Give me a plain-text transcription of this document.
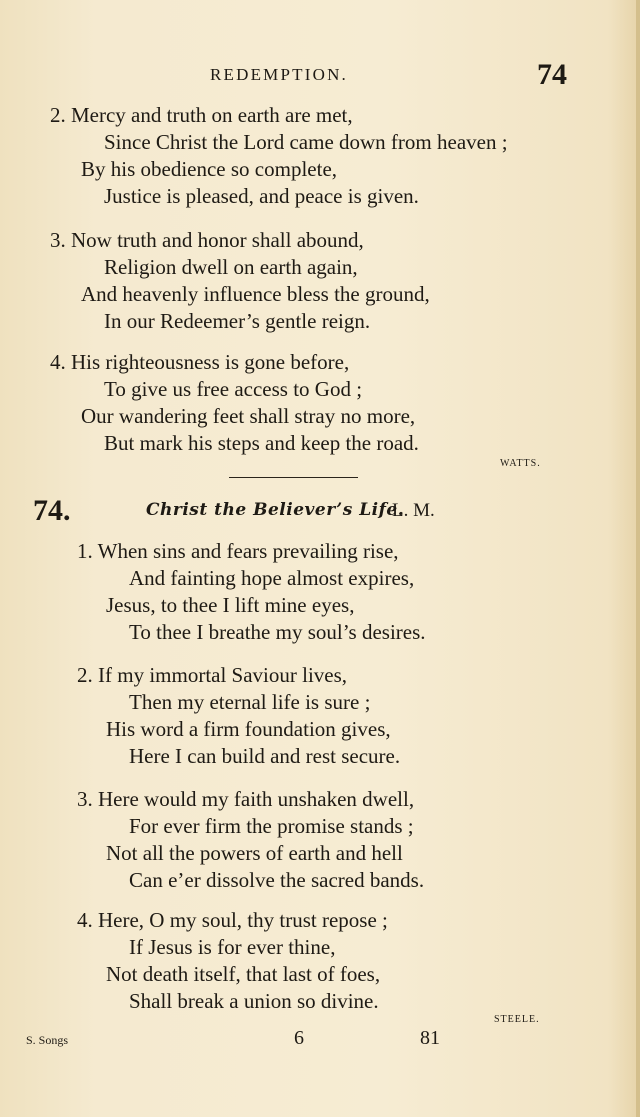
REDEMPTION.	74
2. Mercy and truth on earth are met,
Since Christ the Lord came down from heaven ;
By his obedience so complete,
Justice is pleased, and peace is given.
3. Now truth and honor shall abound,
Religion dwell on earth again,
And heavenly influence bless the ground,
In our Redeemer’s gentle reign.
4. His righteousness is gone before,
To give us free access to God ;
Our wandering feet shall stray no more,
But mark his steps and keep the road.
WATTS.
74.	Christ the Believer’s Life.
L. M.
1. When sins and fears prevailing rise,
And fainting hope almost expires,
Jesus, to thee I lift mine eyes,
To thee I breathe my soul’s desires.
2. If my immortal Saviour lives,
Then my eternal life is sure ;
His word a firm foundation gives,
Here I can build and rest secure.
3. Here would my faith unshaken dwell,
For ever firm the promise stands ;
Not all the powers of earth and hell
Can e’er dissolve the sacred bands.
4. Here, O my soul, thy trust repose ;
If Jesus is for ever thine,
Not death itself, that last of foes,
Shall break a union so divine.
STEELE.
S. Songs	6	81
